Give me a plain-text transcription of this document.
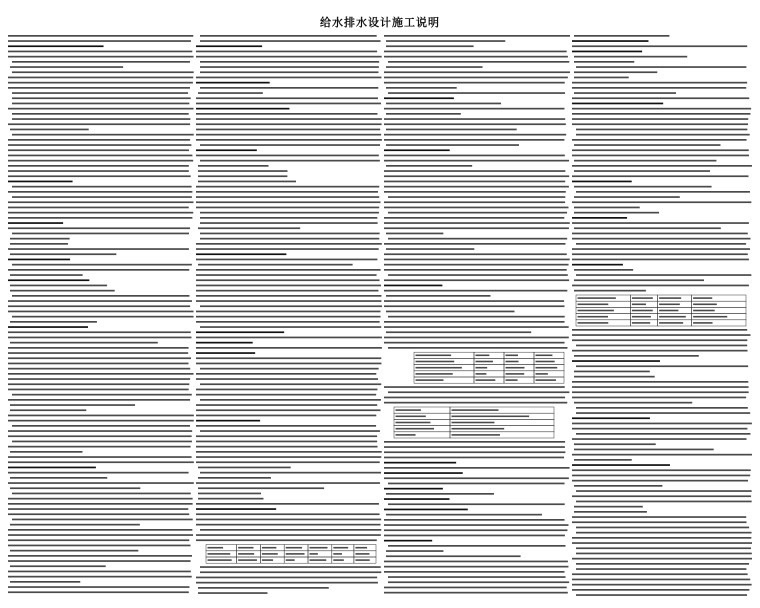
给水排水设计施工说明
